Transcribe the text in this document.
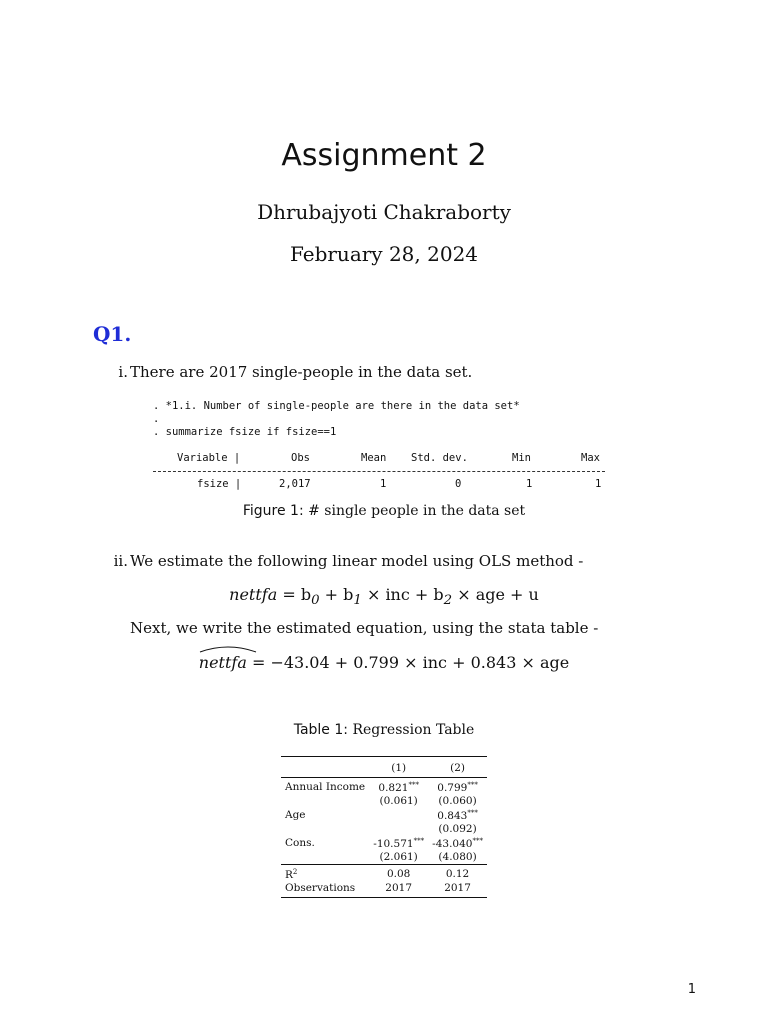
Assignment 2
Dhrubajyoti Chakraborty
February 28, 2024
Q1.
i. There are 2017 single-people in the data set.
. *1.i. Number of single-people are there in the data set*
.
. summarize fsize if fsize==1
Variable |	Obs	Mean Std. dev.	Min	Max
fsize |	2,017	1	0	1	1
Figure 1: # single people in the data set
ii. We estimate the following linear model using OLS method -
nettfa = $b_0 + b_1$ × inc + $b_2$ × age + u
Next, we write the estimated equation, using the stata table -
nettfa = −43.04 + 0.799 × inc + 0.843 × age
Table 1: Regression Table
	(1)	(2)
Annual Income	0.821***	0.799***
	(0.061)	(0.060)
Age		0.843***
		(0.092)
Cons.	-10.571***	-43.040***
	(2.061)	(4.080)
$R^2$	0.08	0.12
Observations	2017	2017
1
